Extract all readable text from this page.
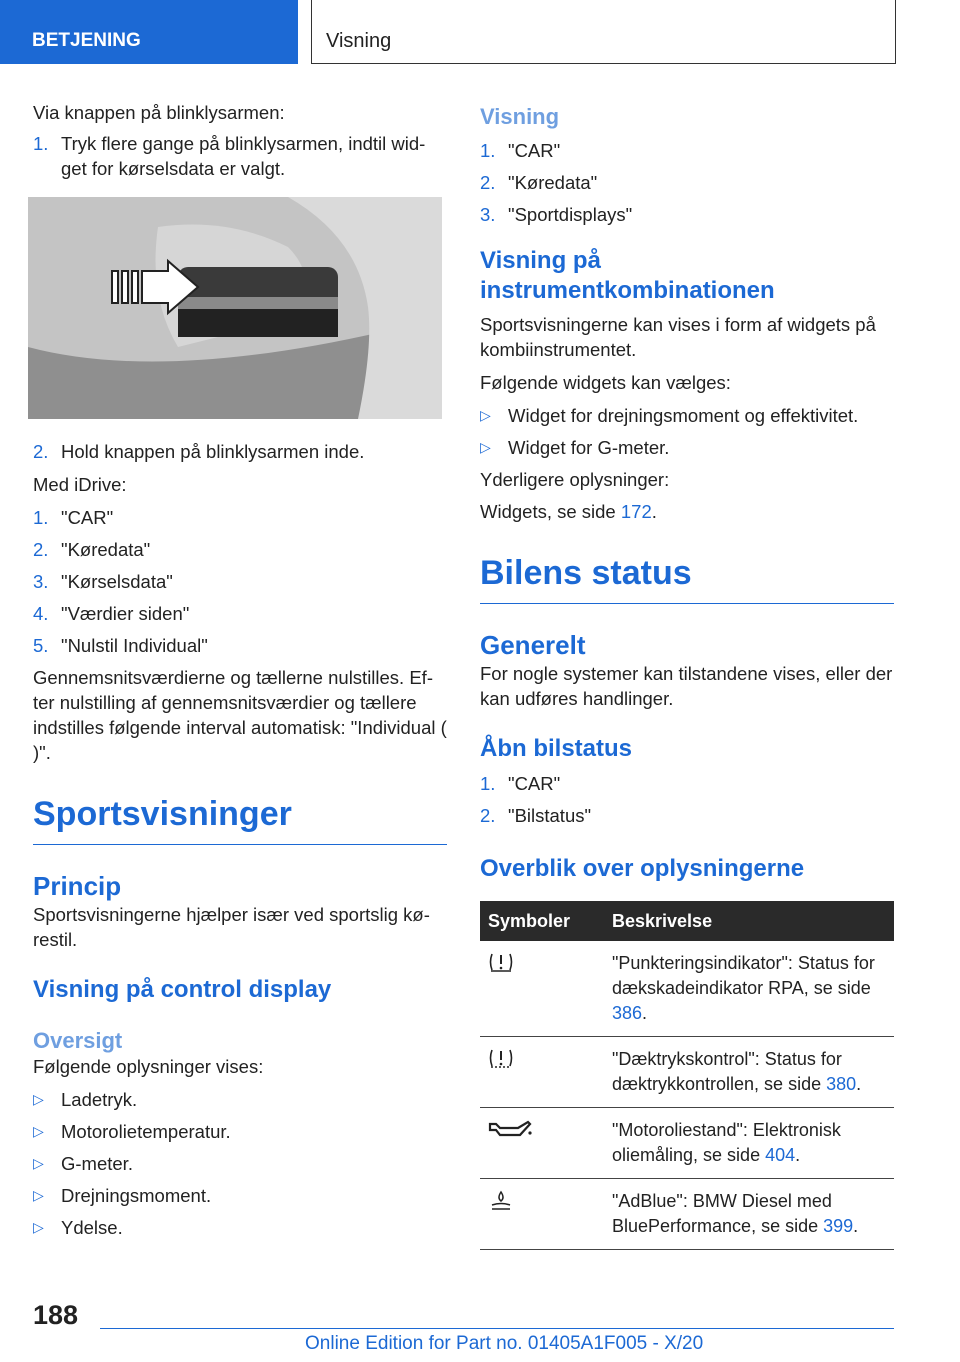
BETJENING	Visning

Via knappen på blinklysarmen:

1. Tryk flere gange på blinklysarmen, indtil wid-get for kørselsdata er valgt.
2. Hold knappen på blinklysarmen inde.

Med iDrive:

1. "CAR"
2. "Køredata"
3. "Kørselsdata"
4. "Værdier siden"
5. "Nulstil Individual"

Gennemsnitsværdierne og tællerne nulstilles. Ef-ter nulstilling af gennemsnitsværdier og tællere indstilles følgende interval automatisk: "Individual ( )".

Sportsvisninger
Princip

Sportsvisningerne hjælper især ved sportslig kø-restil.

Visning på control display
Oversigt

Følgende oplysninger vises:

▷ Ladetryk.
▷ Motorolietemperatur.
▷ G-meter.
▷ Drejningsmoment.
▷ Ydelse.
Visning
1. "CAR"
2. "Køredata"
3. "Sportdisplays"
Visning på instrumentkombinationen

Sportsvisningerne kan vises i form af widgets på kombiinstrumentet.

Følgende widgets kan vælges:

▷ Widget for drejningsmoment og effektivitet.
▷ Widget for G-meter.

Yderligere oplysninger:

Widgets, se side 172.

Bilens status
Generelt

For nogle systemer kan tilstandene vises, eller der kan udføres handlinger.

Åbn bilstatus
1. "CAR"
2. "Bilstatus"
Overblik over oplysningerne
Symboler	Beskrivelse
	"Punkteringsindikator": Status for dækskadeindikator RPA, se side 386.
	"Dæktrykskontrol": Status for dæktrykkontrollen, se side 380.
	"Motoroliestand": Elektronisk oliemåling, se side 404.
	"AdBlue": BMW Diesel med BluePerformance, se side 399.
188
Online Edition for Part no. 01405A1F005 - X/20
